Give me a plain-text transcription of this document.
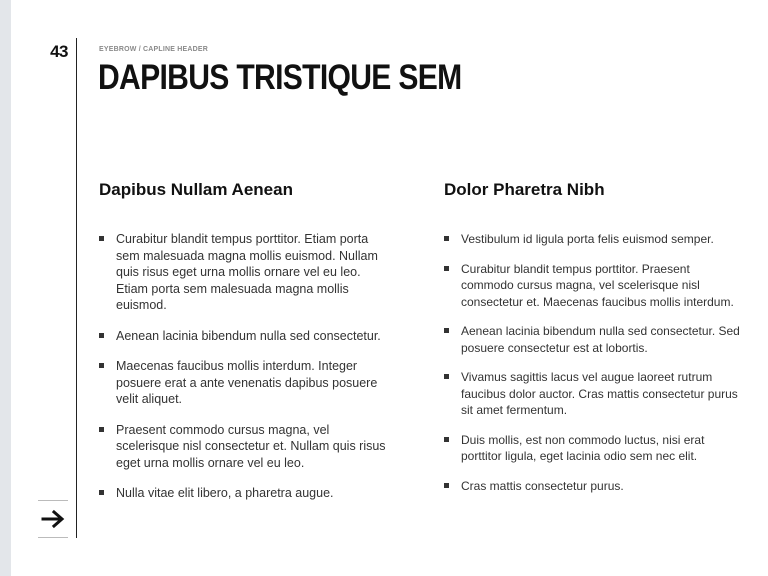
43	EYEBROW / CAPLINE HEADER
DAPIBUS TRISTIQUE SEM
Dapibus Nullam Aenean
Curabitur blandit tempus porttitor. Etiam porta sem malesuada magna mollis euismod. Nullam quis risus eget urna mollis ornare vel eu leo. Etiam porta sem malesuada magna mollis euismod.
Aenean lacinia bibendum nulla sed consectetur.
Maecenas faucibus mollis interdum. Integer posuere erat a ante venenatis dapibus posuere velit aliquet.
Praesent commodo cursus magna, vel scelerisque nisl consectetur et. Nullam quis risus eget urna mollis ornare vel eu leo.
Nulla vitae elit libero, a pharetra augue.
Dolor Pharetra Nibh
Vestibulum id ligula porta felis euismod semper.
Curabitur blandit tempus porttitor. Praesent commodo cursus magna, vel scelerisque nisl consectetur et. Maecenas faucibus mollis interdum.
Aenean lacinia bibendum nulla sed consectetur. Sed posuere consectetur est at lobortis.
Vivamus sagittis lacus vel augue laoreet rutrum faucibus dolor auctor. Cras mattis consectetur purus sit amet fermentum.
Duis mollis, est non commodo luctus, nisi erat porttitor ligula, eget lacinia odio sem nec elit.
Cras mattis consectetur purus.
